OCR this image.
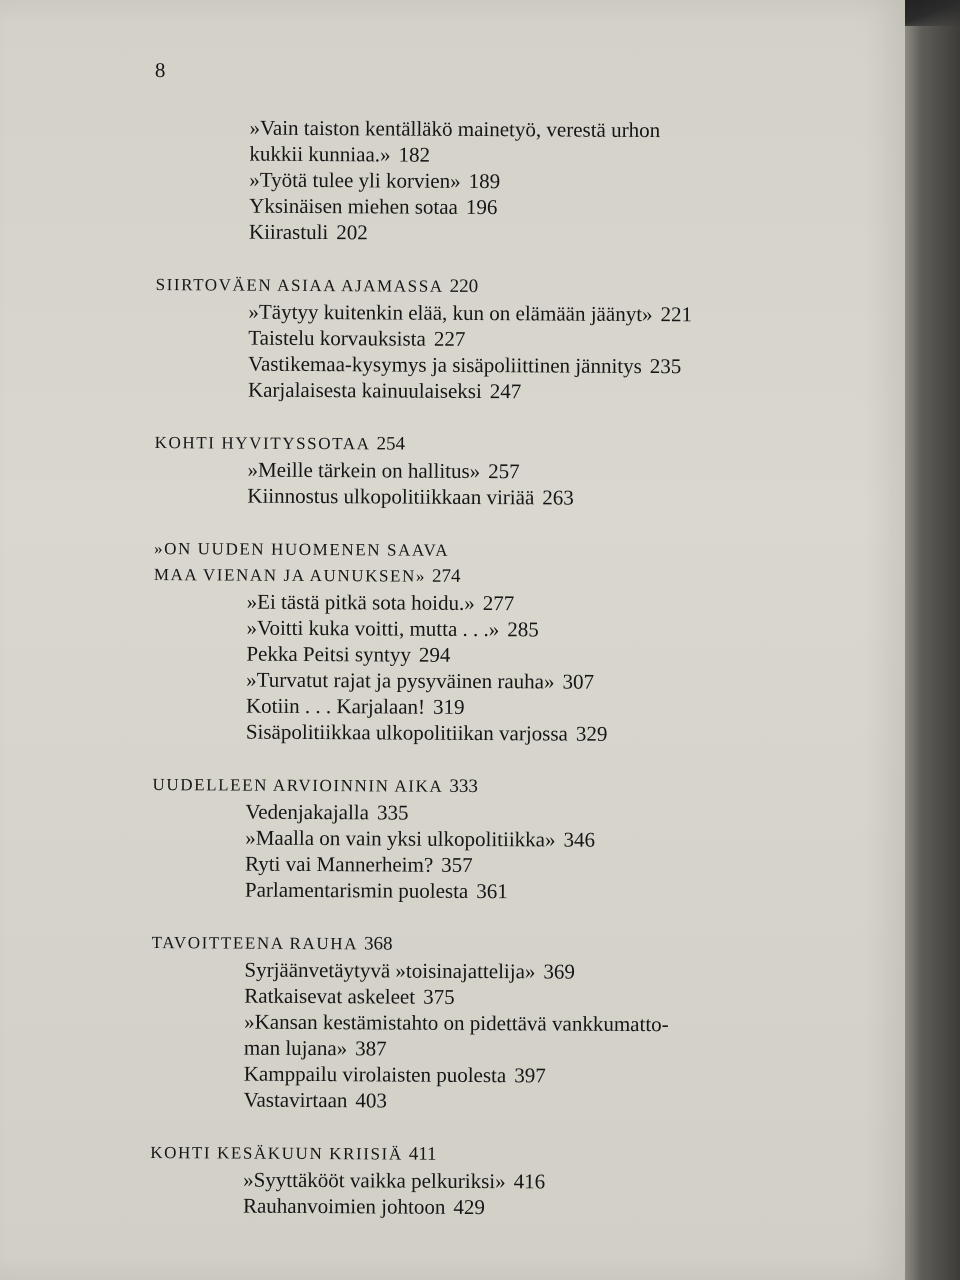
8
»Vain taiston kentälläkö mainetyö, verestä urhon
kukkii kunniaa.» 182
»Työtä tulee yli korvien» 189
Yksinäisen miehen sotaa 196
Kiirastuli 202
SIIRTOVÄEN ASIAA AJAMASSA 220
»Täytyy kuitenkin elää, kun on elämään jäänyt» 221
Taistelu korvauksista 227
Vastikemaa-kysymys ja sisäpoliittinen jännitys 235
Karjalaisesta kainuulaiseksi 247
KOHTI HYVITYSSOTAA 254
»Meille tärkein on hallitus» 257
Kiinnostus ulkopolitiikkaan viriää 263
»ON UUDEN HUOMENEN SAAVA
MAA VIENAN JA AUNUKSEN» 274
»Ei tästä pitkä sota hoidu.» 277
»Voitti kuka voitti, mutta . . .» 285
Pekka Peitsi syntyy 294
»Turvatut rajat ja pysyväinen rauha» 307
Kotiin . . . Karjalaan! 319
Sisäpolitiikkaa ulkopolitiikan varjossa 329
UUDELLEEN ARVIOINNIN AIKA 333
Vedenjakajalla 335
»Maalla on vain yksi ulkopolitiikka» 346
Ryti vai Mannerheim? 357
Parlamentarismin puolesta 361
TAVOITTEENA RAUHA 368
Syrjäänvetäytyvä »toisinajattelija» 369
Ratkaisevat askeleet 375
»Kansan kestämistahto on pidettävä vankkumatto-
man lujana» 387
Kamppailu virolaisten puolesta 397
Vastavirtaan 403
KOHTI KESÄKUUN KRIISIÄ 411
»Syyttäkööt vaikka pelkuriksi» 416
Rauhanvoimien johtoon 429
